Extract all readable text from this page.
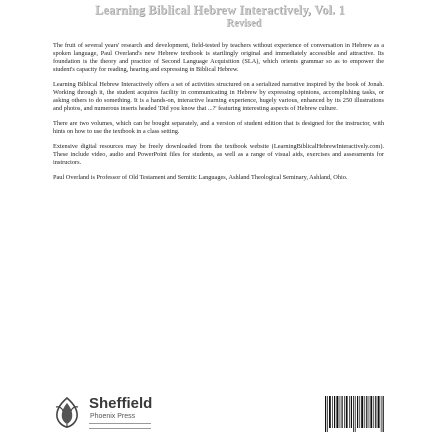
Learning Biblical Hebrew Interactively, Vol. 1
Revised

The fruit of several years' research and development, field-tested by teachers without experience of conversation in Hebrew as a spoken language, Paul Overland's new Hebrew textbook is startlingly original and immediately accessible and attractive. Its foundation is the theory and practice of Second Language Acquisition (SLA), which orients grammar so as to empower the student's capacity for reading, hearing and expressing in Biblical Hebrew.

Learning Biblical Hebrew Interactively offers a set of activities structured on a serialized narrative inspired by the book of Jonah. Working through it, the student acquires facility in communicating in Hebrew by expressing opinions, accomplishing tasks, or asking others to do something. It is a hands-on, interactive learning experience, hugely various, enhanced by its 250 illustrations and photos, and numerous inserts headed 'Did you know that ...?' featuring interesting aspects of Hebrew culture.

There are two volumes, which can be bought separately, and a version of student edition that is designed for the instructor, with hints on how to use the textbook in a class setting.

Extensive digital resources may be freely downloaded from the textbook website (LearningBiblicalHebrewInteractively.com). These include video, audio and PowerPoint files for students, as well as a range of visual aids, exercises and assessments for instructors.

Paul Overland is Professor of Old Testament and Semitic Languages, Ashland Theological Seminary, Ashland, Ohio.

Sheffield
Phoenix Press
